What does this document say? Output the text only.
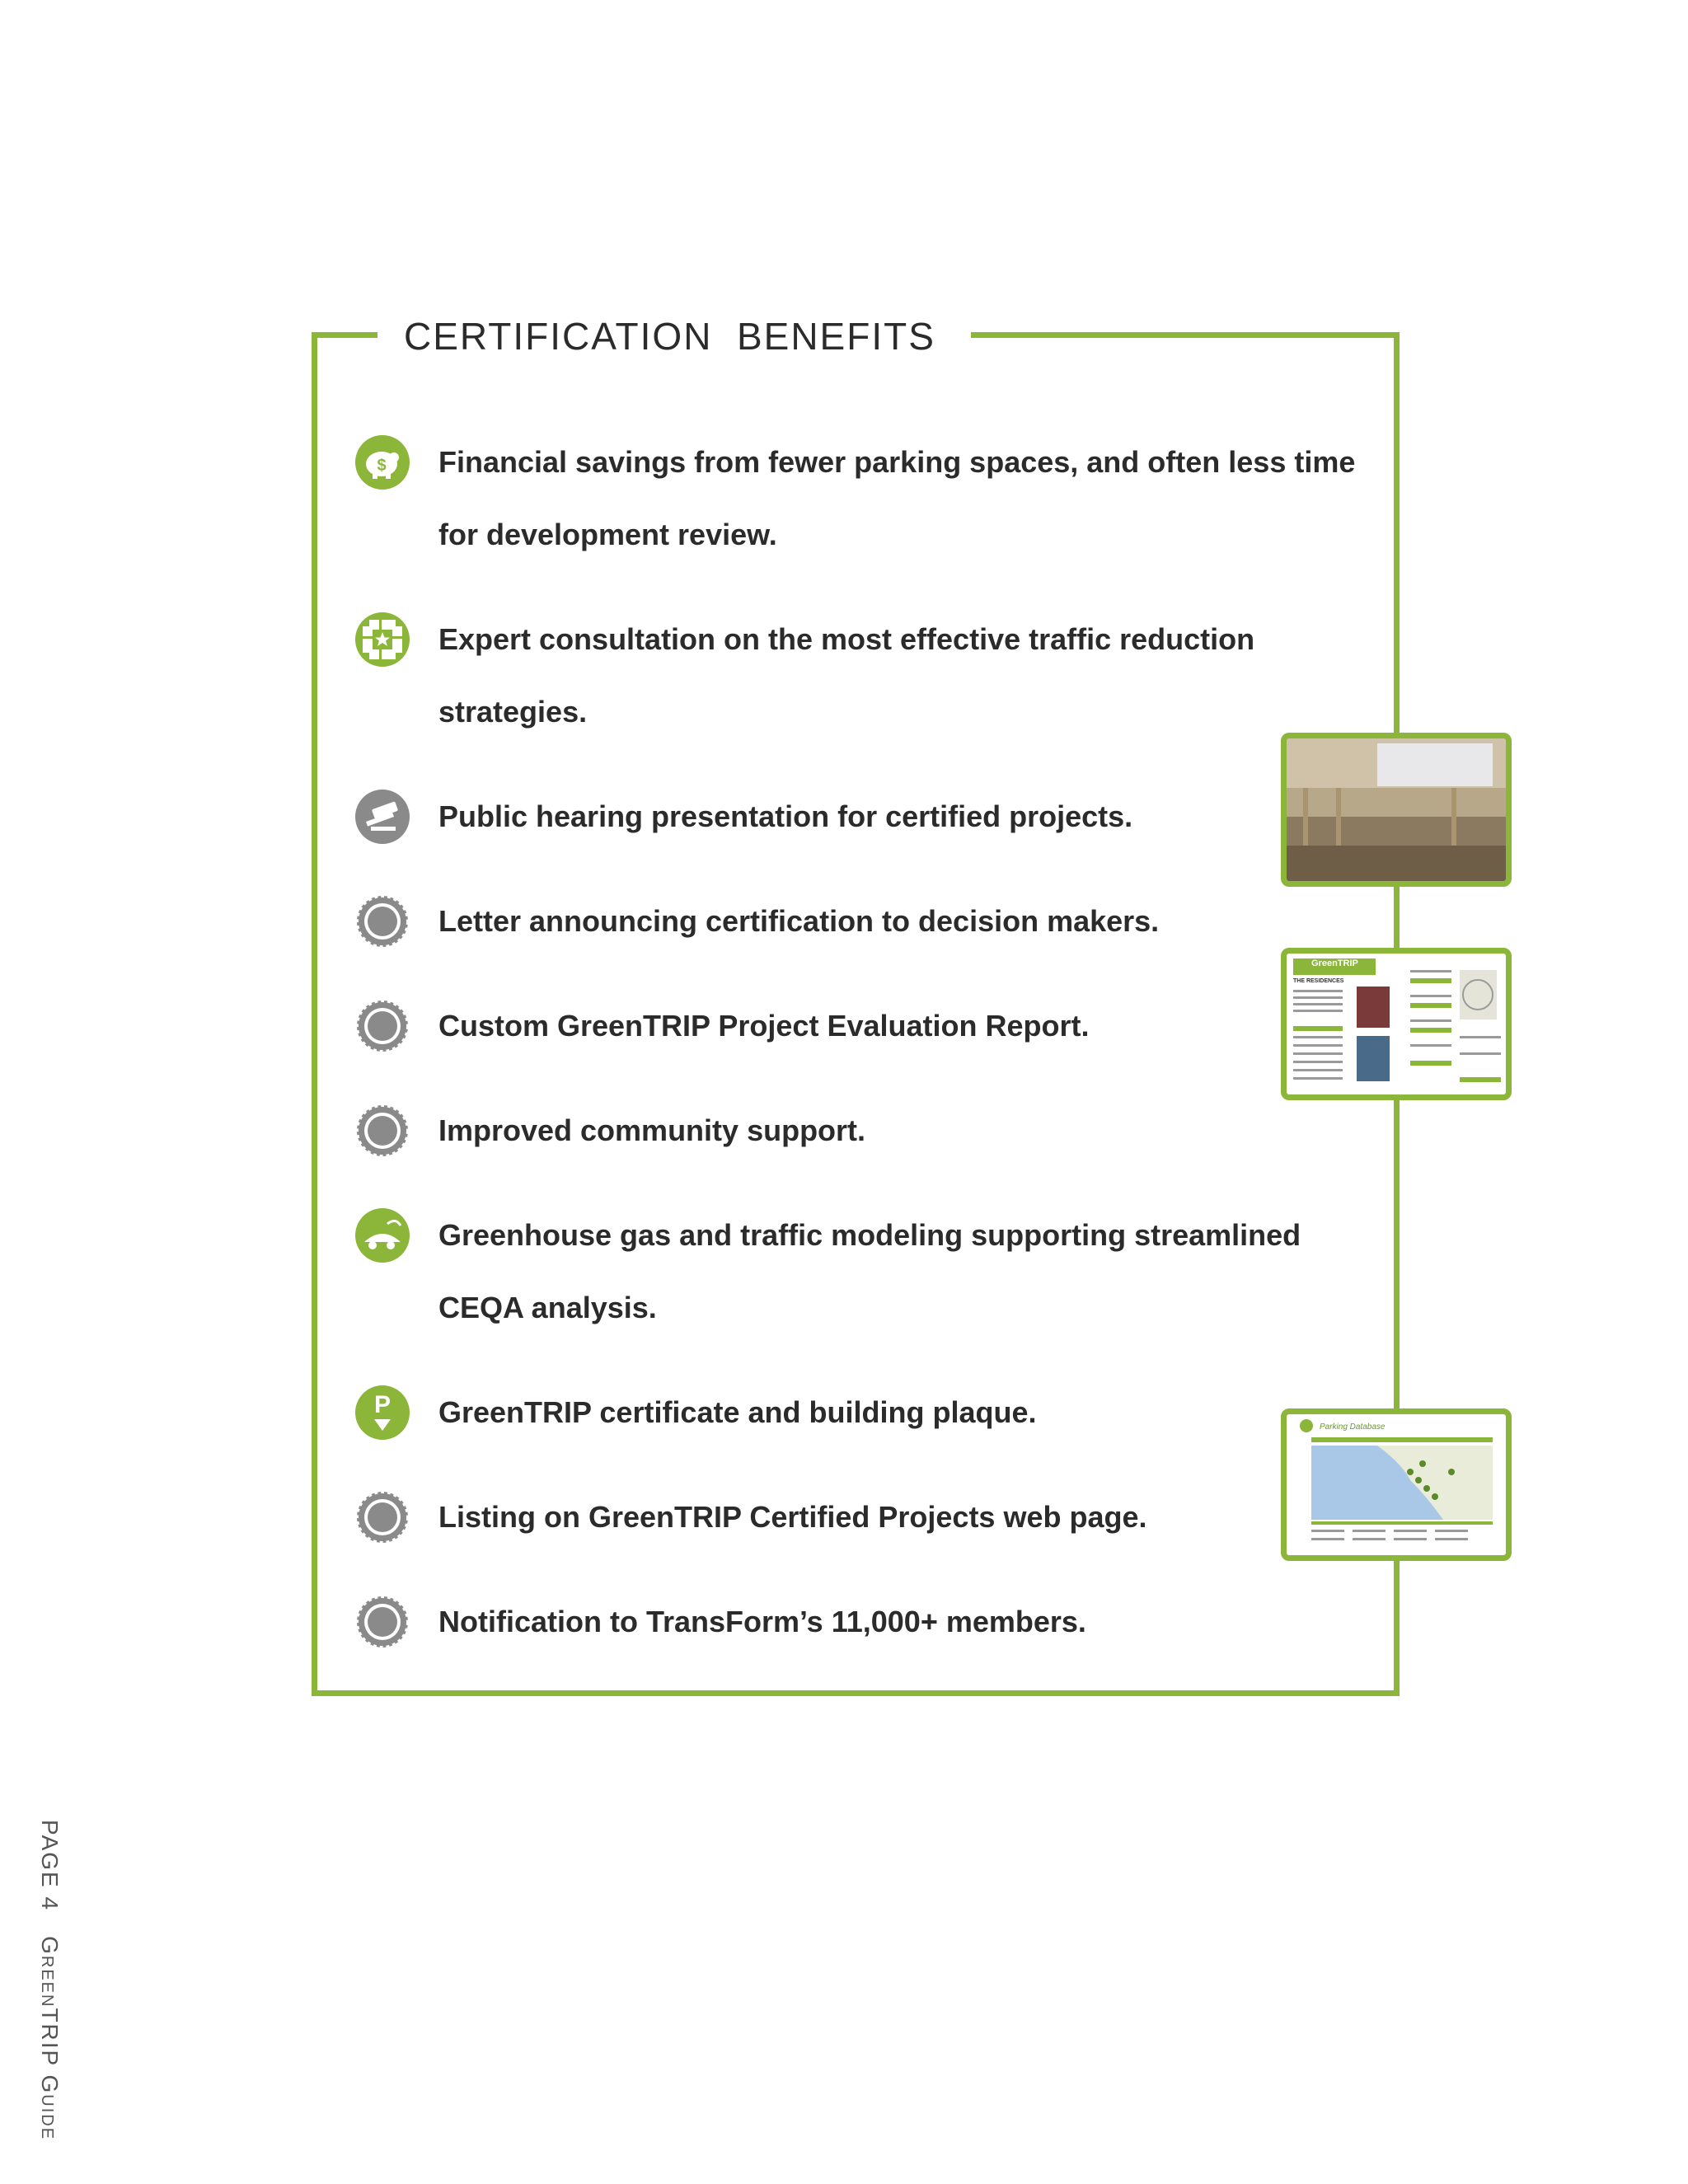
CERTIFICATION  BENEFITS
$ Financial savings from fewer parking spaces, and often less time for development review.
Expert consultation on the most effective traffic reduction strategies.
Public hearing presentation for certified projects.
Letter announcing certification to decision makers.
Custom GreenTRIP Project Evaluation Report.
Improved community support.
Greenhouse gas and traffic modeling supporting streamlined CEQA analysis.
P GreenTRIP certificate and building plaque.
Listing on GreenTRIP Certified Projects web page.
Notification to TransForm’s 11,000+ members.
GreenTRIP
THE RESIDENCES
Parking Database
PAGE 4GreenTRIP Guide
